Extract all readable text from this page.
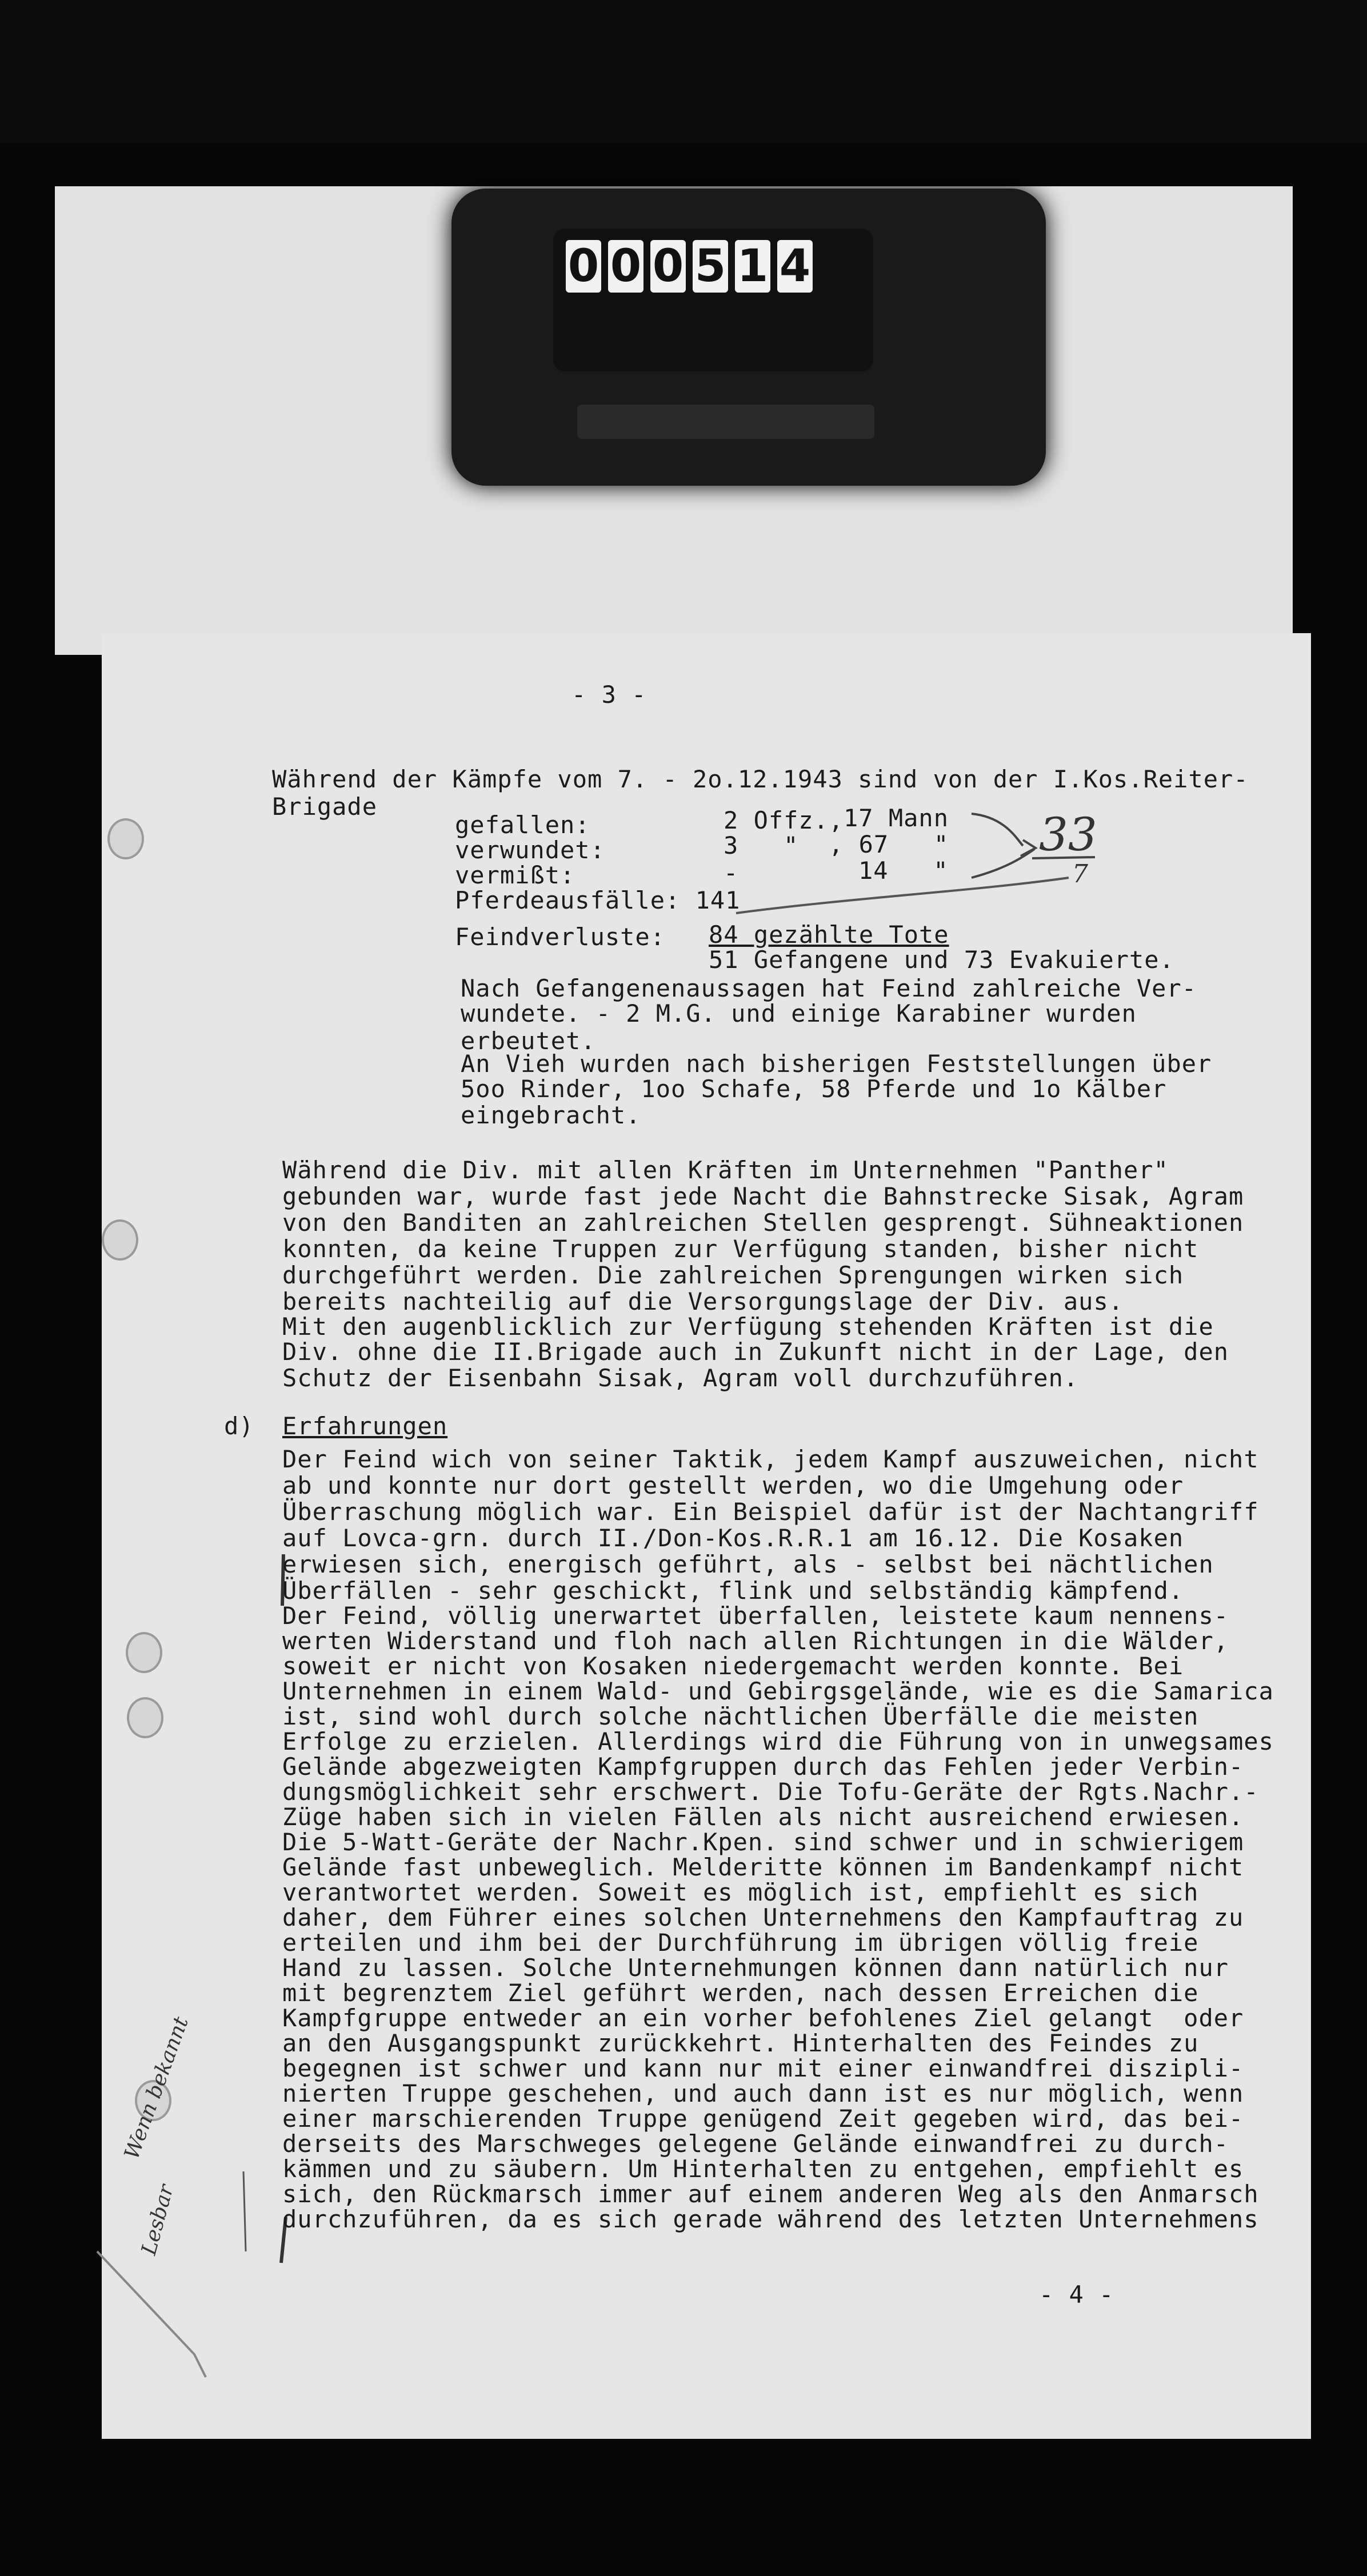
0 0 0 5 1 4
- 3 -
Während der Kämpfe vom 7. - 2o.12.1943 sind von der I.Kos.Reiter-
Brigade
gefallen:	2 Offz., 17 Mann
verwundet:	3   " , 67   "
vermißt:	-	14   "
Pferdeausfälle: 141
Feindverluste: 84 gezählte Tote
51 Gefangene und 73 Evakuierte.
Nach Gefangenenaussagen hat Feind zahlreiche Ver-
wundete. - 2 M.G. und einige Karabiner wurden
erbeutet.
An Vieh wurden nach bisherigen Feststellungen über
5oo Rinder, 1oo Schafe, 58 Pferde und 1o Kälber
eingebracht.
33
7
Wenn bekannt
Lesbar
Während die Div. mit allen Kräften im Unternehmen "Panther"
gebunden war, wurde fast jede Nacht die Bahnstrecke Sisak, Agram
von den Banditen an zahlreichen Stellen gesprengt. Sühneaktionen
konnten, da keine Truppen zur Verfügung standen, bisher nicht
durchgeführt werden. Die zahlreichen Sprengungen wirken sich
bereits nachteilig auf die Versorgungslage der Div. aus.
Mit den augenblicklich zur Verfügung stehenden Kräften ist die
Div. ohne die II.Brigade auch in Zukunft nicht in der Lage, den
Schutz der Eisenbahn Sisak, Agram voll durchzuführen.
d) Erfahrungen
Der Feind wich von seiner Taktik, jedem Kampf auszuweichen, nicht
ab und konnte nur dort gestellt werden, wo die Umgehung oder
Überraschung möglich war. Ein Beispiel dafür ist der Nachtangriff
auf Lovca-grn. durch II./Don-Kos.R.R.1 am 16.12. Die Kosaken
erwiesen sich, energisch geführt, als - selbst bei nächtlichen
Überfällen - sehr geschickt, flink und selbständig kämpfend.
Der Feind, völlig unerwartet überfallen, leistete kaum nennens-
werten Widerstand und floh nach allen Richtungen in die Wälder,
soweit er nicht von Kosaken niedergemacht werden konnte. Bei
Unternehmen in einem Wald- und Gebirgsgelände, wie es die Samarica
ist, sind wohl durch solche nächtlichen Überfälle die meisten
Erfolge zu erzielen. Allerdings wird die Führung von in unwegsames
Gelände abgezweigten Kampfgruppen durch das Fehlen jeder Verbin-
dungsmöglichkeit sehr erschwert. Die Tofu-Geräte der Rgts.Nachr.-
Züge haben sich in vielen Fällen als nicht ausreichend erwiesen.
Die 5-Watt-Geräte der Nachr.Kpen. sind schwer und in schwierigem
Gelände fast unbeweglich. Melderitte können im Bandenkampf nicht
verantwortet werden. Soweit es möglich ist, empfiehlt es sich
daher, dem Führer eines solchen Unternehmens den Kampfauftrag zu
erteilen und ihm bei der Durchführung im übrigen völlig freie
Hand zu lassen. Solche Unternehmungen können dann natürlich nur
mit begrenztem Ziel geführt werden, nach dessen Erreichen die
Kampfgruppe entweder an ein vorher befohlenes Ziel gelangt  oder
an den Ausgangspunkt zurückkehrt. Hinterhalten des Feindes zu
begegnen ist schwer und kann nur mit einer einwandfrei diszipli-
nierten Truppe geschehen, und auch dann ist es nur möglich, wenn
einer marschierenden Truppe genügend Zeit gegeben wird, das bei-
derseits des Marschweges gelegene Gelände einwandfrei zu durch-
kämmen und zu säubern. Um Hinterhalten zu entgehen, empfiehlt es
sich, den Rückmarsch immer auf einem anderen Weg als den Anmarsch
durchzuführen, da es sich gerade während des letzten Unternehmens
- 4 -
